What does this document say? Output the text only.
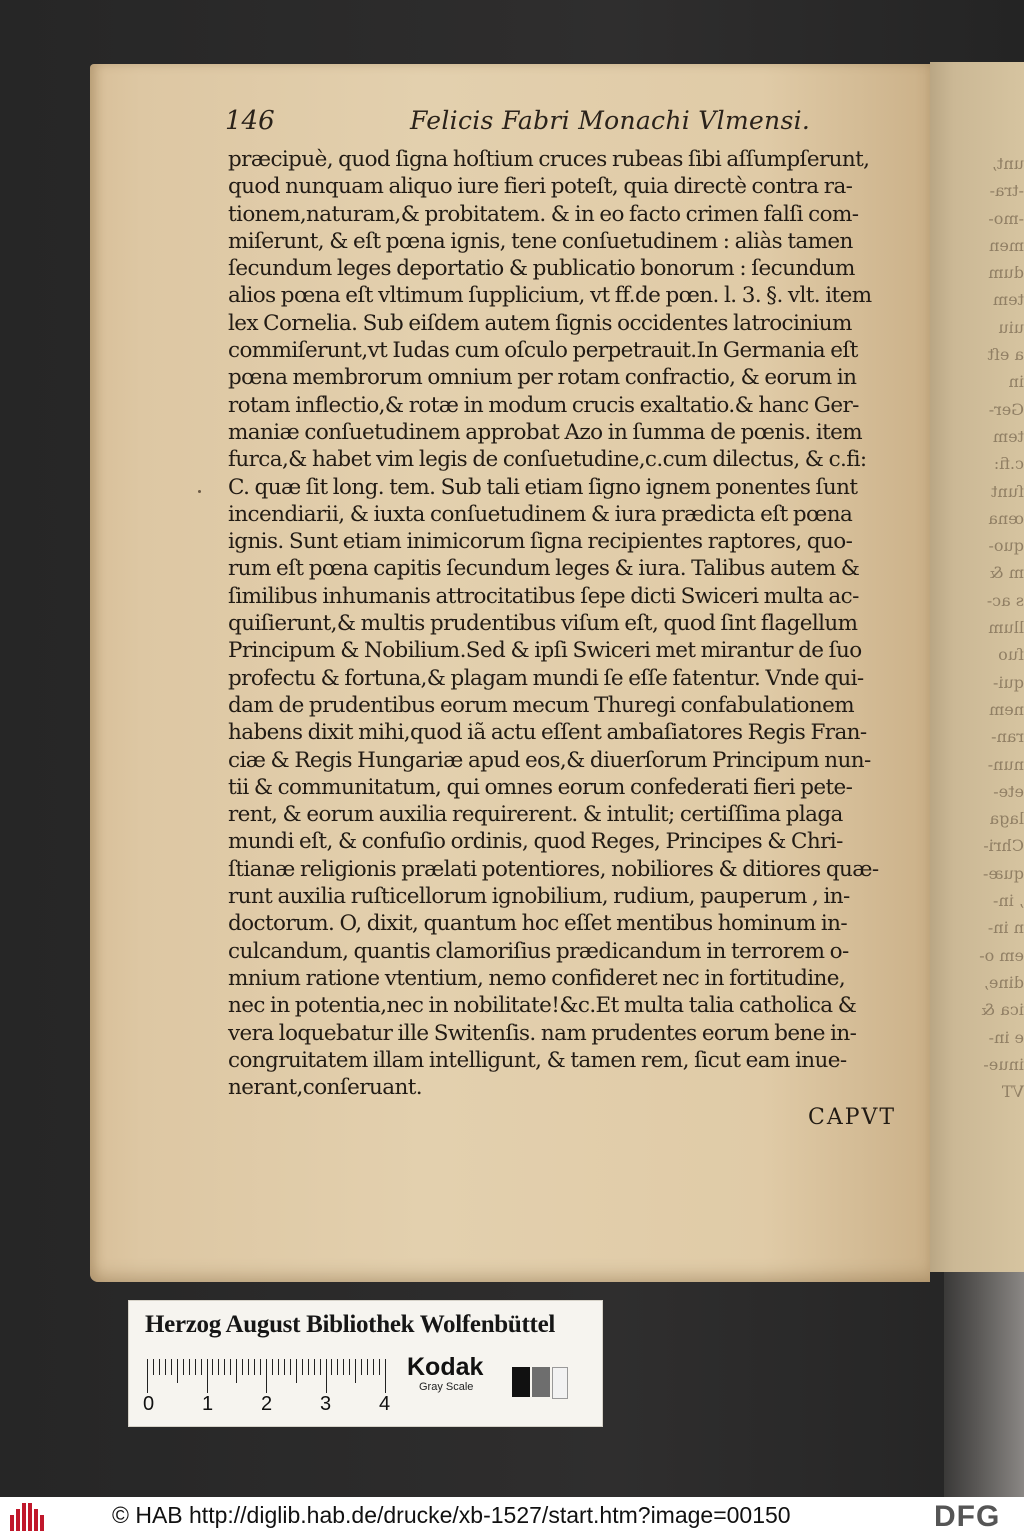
unt,
-tra-
-mo-
men
dum
tem
uiu
a eſt
in
Ger-
tem
c.fi:
ſunt
œna
quo-
m &
s ac-
llum
ſuo
qui-
nem
ran-
nun-
ete-
laga
Chri-
quæ-
, in-
n in-
em o-
dine,
ica &
e in-
inue-
VT
146	Felicis Fabri Monachi Vlmensi.
præcipuè, quod ſigna hoſtium cruces rubeas ſibi aſſumpſerunt,
quod nunquam aliquo iure fieri poteſt, quia directè contra ra-
tionem,naturam,& probitatem. & in eo facto crimen falſi com-
miſerunt, & eſt pœna ignis, tene conſuetudinem : aliàs tamen
ſecundum leges deportatio & publicatio bonorum : ſecundum
alios pœna eſt vltimum ſupplicium, vt ff.de pœn. l. 3. §. vlt. item
lex Cornelia. Sub eiſdem autem ſignis occidentes latrocinium
commiſerunt,vt Iudas cum oſculo perpetrauit.In Germania eſt
pœna membrorum omnium per rotam confractio, & eorum in
rotam inflectio,& rotæ in modum crucis exaltatio.& hanc Ger-
maniæ conſuetudinem approbat Azo in ſumma de pœnis. item
furca,& habet vim legis de conſuetudine,c.cum dilectus, & c.fi:
C. quæ ſit long. tem. Sub tali etiam ſigno ignem ponentes ſunt
incendiarii, & iuxta conſuetudinem & iura prædicta eſt pœna
ignis. Sunt etiam inimicorum ſigna recipientes raptores, quo-
rum eſt pœna capitis ſecundum leges & iura. Talibus autem &
ſimilibus inhumanis attrocitatibus ſepe dicti Swiceri multa ac-
quiſierunt,& multis prudentibus viſum eſt, quod ſint flagellum
Principum & Nobilium.Sed & ipſi Swiceri met mirantur de ſuo
profectu & fortuna,& plagam mundi ſe eſſe fatentur. Vnde qui-
dam de prudentibus eorum mecum Thuregi confabulationem
habens dixit mihi,quod iã actu eſſent ambaſiatores Regis Fran-
ciæ & Regis Hungariæ apud eos,& diuerſorum Principum nun-
tii & communitatum, qui omnes eorum confederati fieri pete-
rent, & eorum auxilia requirerent. & intulit; certiſſima plaga
mundi eſt, & confuſio ordinis, quod Reges, Principes & Chri-
ſtianæ religionis prælati potentiores, nobiliores & ditiores quæ-
runt auxilia ruſticellorum ignobilium, rudium, pauperum , in-
doctorum. O, dixit, quantum hoc eſſet mentibus hominum in-
culcandum, quantis clamoriſius prædicandum in terrorem o-
mnium ratione vtentium, nemo confideret nec in fortitudine,
nec in potentia,nec in nobilitate!&c.Et multa talia catholica &
vera loquebatur ille Switenſis. nam prudentes eorum bene in-
congruitatem illam intelligunt, & tamen rem, ſicut eam inue-
nerant,conſeruant.
CAPVT
Herzog August Bibliothek Wolfenbüttel
0 1 2 3 4
Kodak
Gray Scale
© HAB http://diglib.hab.de/drucke/xb-1527/start.htm?image=00150	DFG
